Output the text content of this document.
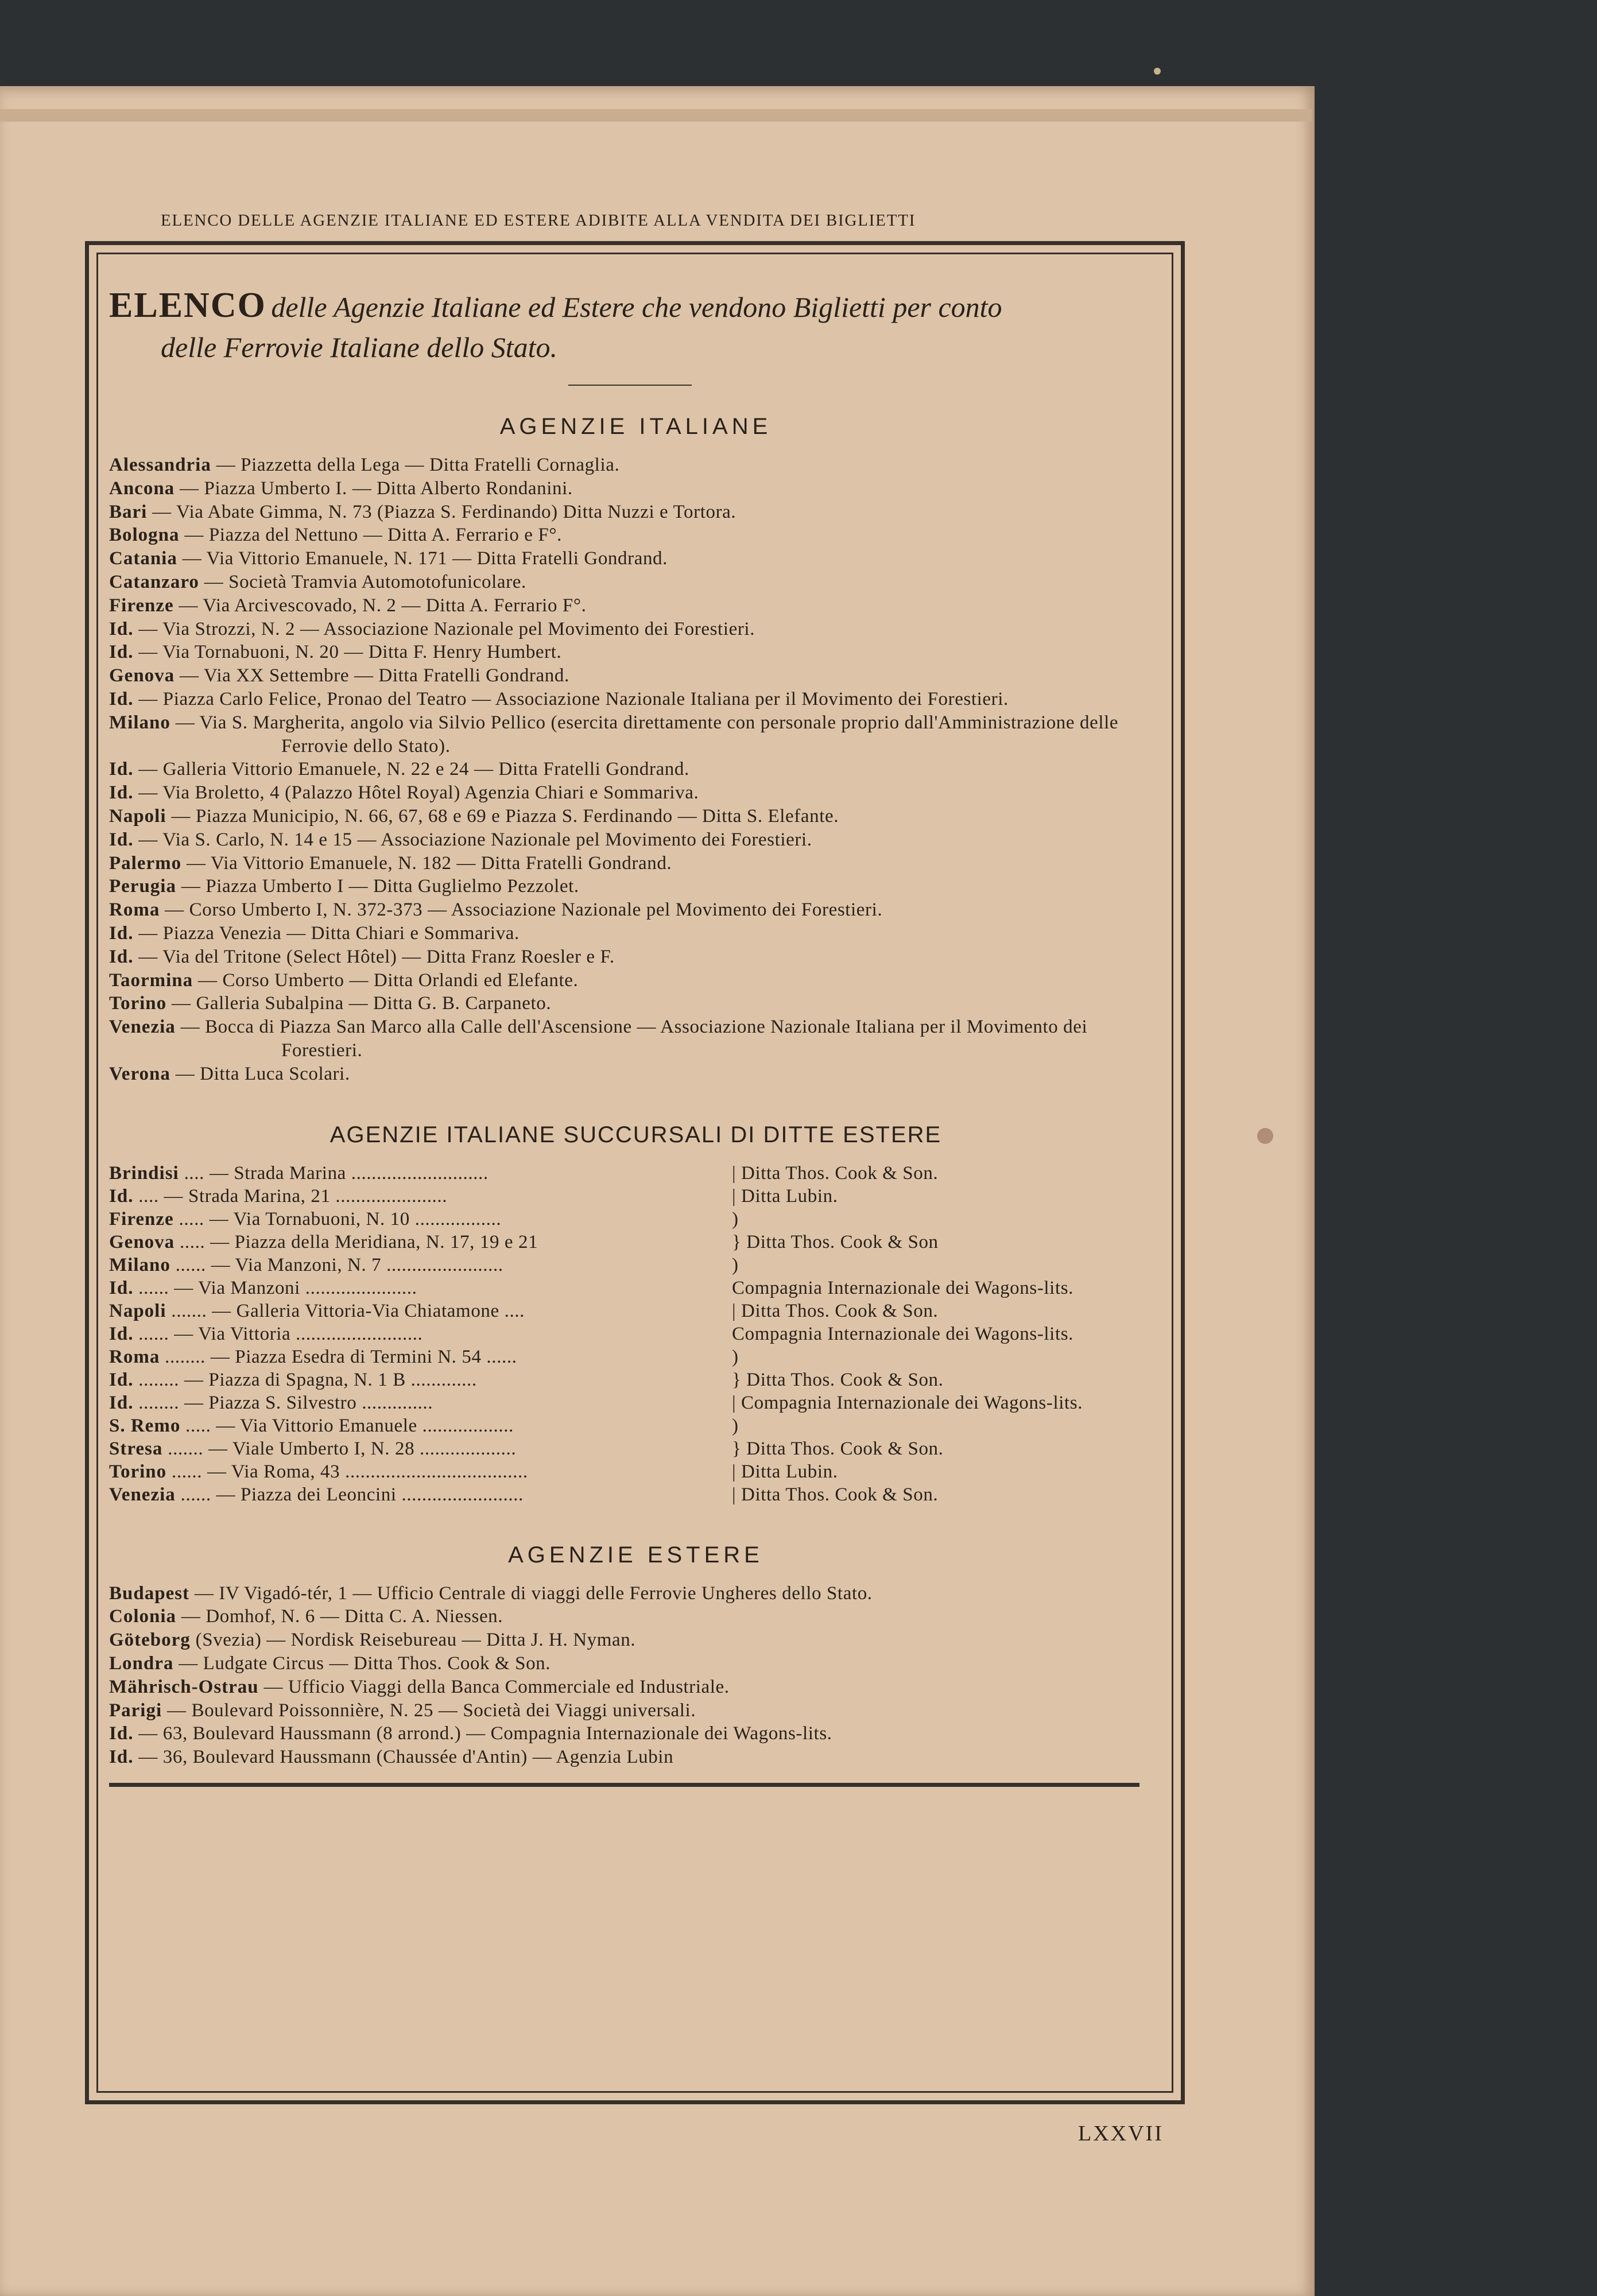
ELENCO DELLE AGENZIE ITALIANE ED ESTERE ADIBITE ALLA VENDITA DEI BIGLIETTI
ELENCO delle Agenzie Italiane ed Estere che vendono Biglietti per conto
delle Ferrovie Italiane dello Stato.
AGENZIE ITALIANE
Alessandria — Piazzetta della Lega — Ditta Fratelli Cornaglia.
Ancona — Piazza Umberto I. — Ditta Alberto Rondanini.
Bari — Via Abate Gimma, N. 73 (Piazza S. Ferdinando) Ditta Nuzzi e Tortora.
Bologna — Piazza del Nettuno — Ditta A. Ferrario e F°.
Catania — Via Vittorio Emanuele, N. 171 — Ditta Fratelli Gondrand.
Catanzaro — Società Tramvia Automotofunicolare.
Firenze — Via Arcivescovado, N. 2 — Ditta A. Ferrario F°.
Id. — Via Strozzi, N. 2 — Associazione Nazionale pel Movimento dei Forestieri.
Id. — Via Tornabuoni, N. 20 — Ditta F. Henry Humbert.
Genova — Via XX Settembre — Ditta Fratelli Gondrand.
Id. — Piazza Carlo Felice, Pronao del Teatro — Associazione Nazionale Italiana per il Movimento dei Forestieri.
Milano — Via S. Margherita, angolo via Silvio Pellico (esercita direttamente con personale proprio dall'Amministrazione delle Ferrovie dello Stato).
Id. — Galleria Vittorio Emanuele, N. 22 e 24 — Ditta Fratelli Gondrand.
Id. — Via Broletto, 4 (Palazzo Hôtel Royal) Agenzia Chiari e Sommariva.
Napoli — Piazza Municipio, N. 66, 67, 68 e 69 e Piazza S. Ferdinando — Ditta S. Elefante.
Id. — Via S. Carlo, N. 14 e 15 — Associazione Nazionale pel Movimento dei Forestieri.
Palermo — Via Vittorio Emanuele, N. 182 — Ditta Fratelli Gondrand.
Perugia — Piazza Umberto I — Ditta Guglielmo Pezzolet.
Roma — Corso Umberto I, N. 372-373 — Associazione Nazionale pel Movimento dei Forestieri.
Id. — Piazza Venezia — Ditta Chiari e Sommariva.
Id. — Via del Tritone (Select Hôtel) — Ditta Franz Roesler e F.
Taormina — Corso Umberto — Ditta Orlandi ed Elefante.
Torino — Galleria Subalpina — Ditta G. B. Carpaneto.
Venezia — Bocca di Piazza San Marco alla Calle dell'Ascensione — Associazione Nazionale Italiana per il Movimento dei Forestieri.
Verona — Ditta Luca Scolari.
AGENZIE ITALIANE SUCCURSALI DI DITTE ESTERE
Brindisi .... — Strada Marina ...........................	| Ditta Thos. Cook & Son.
Id. .... — Strada Marina, 21 ......................	| Ditta Lubin.
Firenze ..... — Via Tornabuoni, N. 10 .................	)
Genova ..... — Piazza della Meridiana, N. 17, 19 e 21	} Ditta Thos. Cook & Son
Milano ...... — Via Manzoni, N. 7 .......................	)
Id. ...... — Via Manzoni ......................	Compagnia Internazionale dei Wagons-lits.
Napoli ....... — Galleria Vittoria-Via Chiatamone ....	| Ditta Thos. Cook & Son.
Id. ...... — Via Vittoria .........................	Compagnia Internazionale dei Wagons-lits.
Roma ........ — Piazza Esedra di Termini N. 54 ......	)
Id. ........ — Piazza di Spagna, N. 1 B .............	} Ditta Thos. Cook & Son.
Id. ........ — Piazza S. Silvestro ..............	| Compagnia Internazionale dei Wagons-lits.
S. Remo ..... — Via Vittorio Emanuele ..................	)
Stresa ....... — Viale Umberto I, N. 28 ...................	} Ditta Thos. Cook & Son.
Torino ...... — Via Roma, 43 ....................................	| Ditta Lubin.
Venezia ...... — Piazza dei Leoncini ........................	| Ditta Thos. Cook & Son.
AGENZIE ESTERE
Budapest — IV Vigadó-tér, 1 — Ufficio Centrale di viaggi delle Ferrovie Ungheres dello Stato.
Colonia — Domhof, N. 6 — Ditta C. A. Niessen.
Göteborg (Svezia) — Nordisk Reisebureau — Ditta J. H. Nyman.
Londra — Ludgate Circus — Ditta Thos. Cook & Son.
Mährisch-Ostrau — Ufficio Viaggi della Banca Commerciale ed Industriale.
Parigi — Boulevard Poissonnière, N. 25 — Società dei Viaggi universali.
Id. — 63, Boulevard Haussmann (8 arrond.) — Compagnia Internazionale dei Wagons-lits.
Id. — 36, Boulevard Haussmann (Chaussée d'Antin) — Agenzia Lubin
LXXVII
